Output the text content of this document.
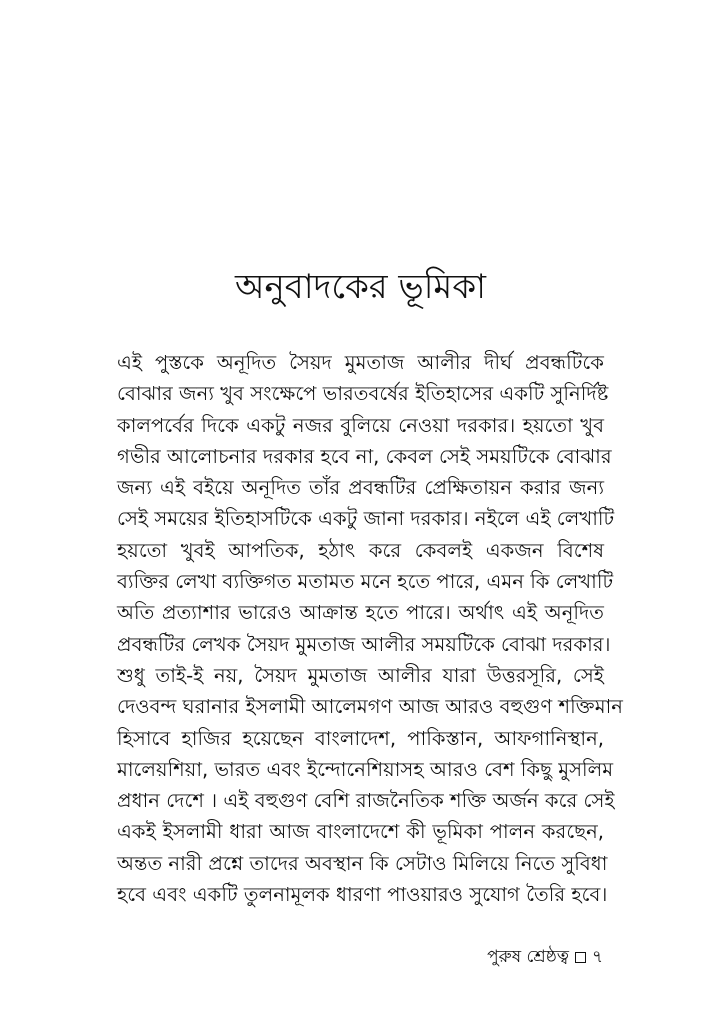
অনুবাদকের ভূমিকা
এই পুস্তকে অনূদিত সৈয়দ মুমতাজ আলীর দীর্ঘ প্রবন্ধটিকে
বোঝার জন্য খুব সংক্ষেপে ভারতবর্ষের ইতিহাসের একটি সুনির্দিষ্ট
কালপর্বের দিকে একটু নজর বুলিয়ে নেওয়া দরকার। হয়তো খুব
গভীর আলোচনার দরকার হবে না, কেবল সেই সময়টিকে বোঝার
জন্য এই বইয়ে অনূদিত তাঁর প্রবন্ধটির প্রেক্ষিতায়ন করার জন্য
সেই সময়ের ইতিহাসটিকে একটু জানা দরকার। নইলে এই লেখাটি
হয়তো খুবই আপতিক, হঠাৎ করে কেবলই একজন বিশেষ
ব্যক্তির লেখা ব্যক্তিগত মতামত মনে হতে পারে, এমন কি লেখাটি
অতি প্রত্যাশার ভারেও আক্রান্ত হতে পারে। অর্থাৎ এই অনূদিত
প্রবন্ধটির লেখক সৈয়দ মুমতাজ আলীর সময়টিকে বোঝা দরকার।
শুধু তাই-ই নয়, সৈয়দ মুমতাজ আলীর যারা উত্তরসূরি, সেই
দেওবন্দ ঘরানার ইসলামী আলেমগণ আজ আরও বহুগুণ শক্তিমান
হিসাবে হাজির হয়েছেন বাংলাদেশ, পাকিস্তান, আফগানিস্থান,
মালেয়শিয়া, ভারত এবং ইন্দোনেশিয়াসহ আরও বেশ কিছু মুসলিম
প্রধান দেশে । এই বহুগুণ বেশি রাজনৈতিক শক্তি অর্জন করে সেই
একই ইসলামী ধারা আজ বাংলাদেশে কী ভূমিকা পালন করছেন,
অন্তত নারী প্রশ্নে তাদের অবস্থান কি সেটাও মিলিয়ে নিতে সুবিধা
হবে এবং একটি তুলনামূলক ধারণা পাওয়ারও সুযোগ তৈরি হবে।
পুরুষ শ্রেষ্ঠত্ব ৭
